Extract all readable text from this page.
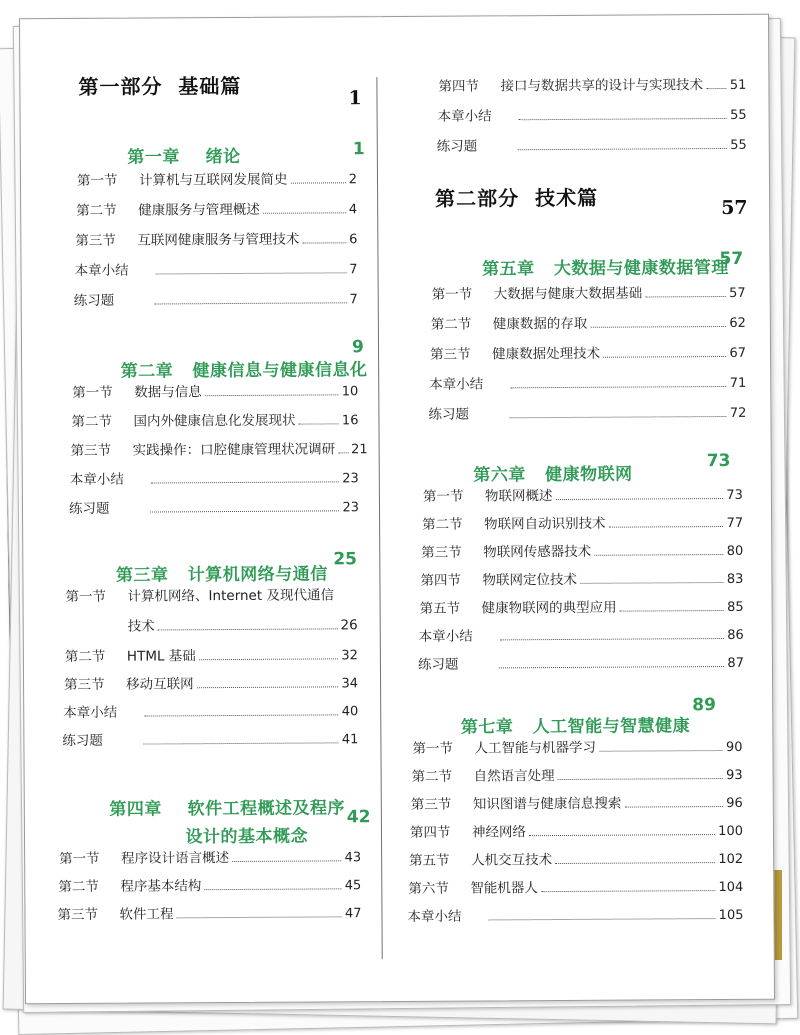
第一部分  基础篇	1

第一章 绪论
	1
第一节	计算机与互联网发展简史	2
第二节	健康服务与管理概述	4
第三节	互联网健康服务与管理技术	6
本章小结	7
练习题	7

第二章 健康信息与健康信息化

9
第一节	数据与信息	10
第二节	国内外健康信息化发展现状	16
第三节	实践操作：口腔健康管理状况调研 21
本章小结	23
练习题	23

第三章 计算机网络与通信

25
第一节	计算机网络、Internet 及现代通信
技术	26
第二节	HTML 基础	32
第三节	移动互联网	34
本章小结	40
练习题	41

第四章 软件工程概述及程序

设计的基本概念

42
第一节	程序设计语言概述	43
第二节	程序基本结构	45
第三节	软件工程	47
第四节	接口与数据共享的设计与实现技术 51
本章小结	55
练习题	55
第二部分  技术篇	57

第五章 大数据与健康数据管理

57
第一节	大数据与健康大数据基础	57
第二节	健康数据的存取	62
第三节	健康数据处理技术	67
本章小结	71
练习题	72

第六章 健康物联网

73
第一节	物联网概述	73
第二节	物联网自动识别技术	77
第三节	物联网传感器技术	80
第四节	物联网定位技术	83
第五节	健康物联网的典型应用	85
本章小结	86
练习题	87

第七章 人工智能与智慧健康

89
第一节	人工智能与机器学习	90
第二节	自然语言处理	93
第三节	知识图谱与健康信息搜索	96
第四节	神经网络	100
第五节	人机交互技术	102
第六节	智能机器人	104
本章小结	105
